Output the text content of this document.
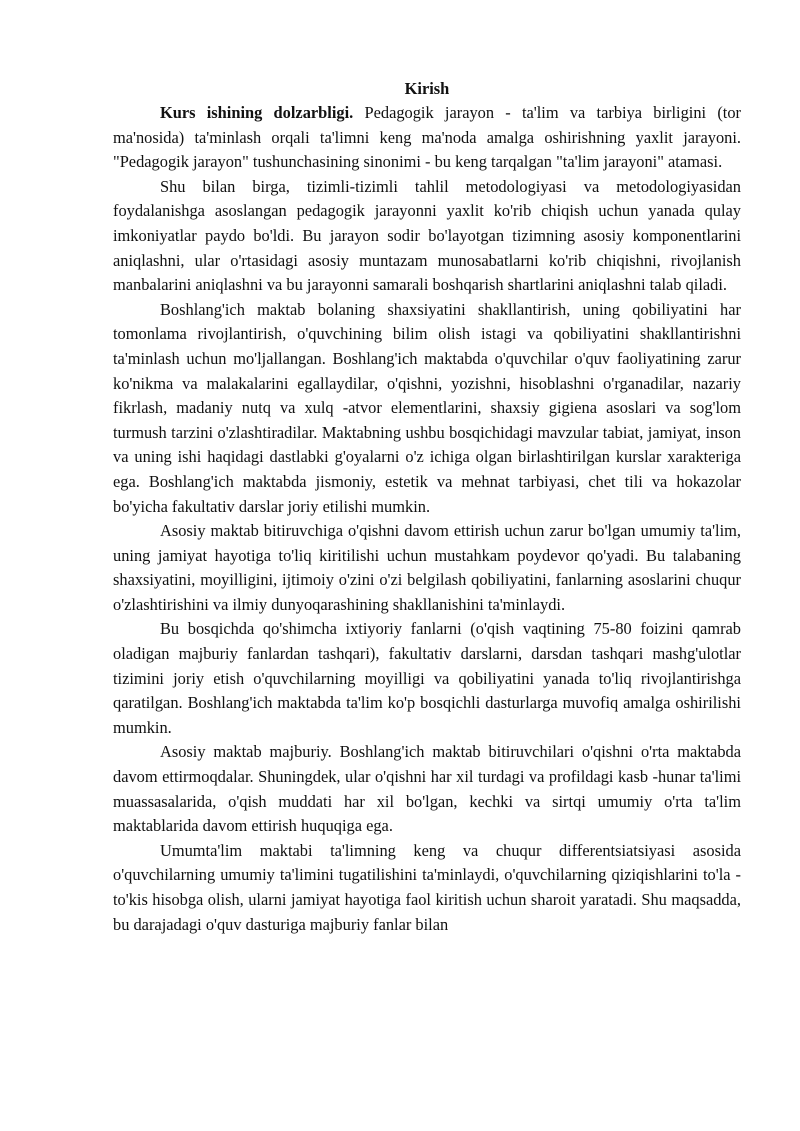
Kirish

Kurs ishining dolzarbligi. Pedagogik jarayon - ta'lim va tarbiya birligini (tor ma'nosida) ta'minlash orqali ta'limni keng ma'noda amalga oshirishning yaxlit jarayoni. "Pedagogik jarayon" tushunchasining sinonimi - bu keng tarqalgan "ta'lim jarayoni" atamasi.

Shu bilan birga, tizimli-tizimli tahlil metodologiyasi va metodologiyasidan foydalanishga asoslangan pedagogik jarayonni yaxlit ko'rib chiqish uchun yanada qulay imkoniyatlar paydo bo'ldi. Bu jarayon sodir bo'layotgan tizimning asosiy komponentlarini aniqlashni, ular o'rtasidagi asosiy muntazam munosabatlarni ko'rib chiqishni, rivojlanish manbalarini aniqlashni va bu jarayonni samarali boshqarish shartlarini aniqlashni talab qiladi.

Boshlang'ich maktab bolaning shaxsiyatini shakllantirish, uning qobiliyatini har tomonlama rivojlantirish, o'quvchining bilim olish istagi va qobiliyatini shakllantirishni ta'minlash uchun mo'ljallangan. Boshlang'ich maktabda o'quvchilar o'quv faoliyatining zarur ko'nikma va malakalarini egallaydilar, o'qishni, yozishni, hisoblashni o'rganadilar, nazariy fikrlash, madaniy nutq va xulq -atvor elementlarini, shaxsiy gigiena asoslari va sog'lom turmush tarzini o'zlashtiradilar. Maktabning ushbu bosqichidagi mavzular tabiat, jamiyat, inson va uning ishi haqidagi dastlabki g'oyalarni o'z ichiga olgan birlashtirilgan kurslar xarakteriga ega. Boshlang'ich maktabda jismoniy, estetik va mehnat tarbiyasi, chet tili va hokazolar bo'yicha fakultativ darslar joriy etilishi mumkin.

Asosiy maktab bitiruvchiga o'qishni davom ettirish uchun zarur bo'lgan umumiy ta'lim, uning jamiyat hayotiga to'liq kiritilishi uchun mustahkam poydevor qo'yadi. Bu talabaning shaxsiyatini, moyilligini, ijtimoiy o'zini o'zi belgilash qobiliyatini, fanlarning asoslarini chuqur o'zlashtirishini va ilmiy dunyoqarashining shakllanishini ta'minlaydi.

Bu bosqichda qo'shimcha ixtiyoriy fanlarni (o'qish vaqtining 75-80 foizini qamrab oladigan majburiy fanlardan tashqari), fakultativ darslarni, darsdan tashqari mashg'ulotlar tizimini joriy etish o'quvchilarning moyilligi va qobiliyatini yanada to'liq rivojlantirishga qaratilgan. Boshlang'ich maktabda ta'lim ko'p bosqichli dasturlarga muvofiq amalga oshirilishi mumkin.

Asosiy maktab majburiy. Boshlang'ich maktab bitiruvchilari o'qishni o'rta maktabda davom ettirmoqdalar. Shuningdek, ular o'qishni har xil turdagi va profildagi kasb -hunar ta'limi muassasalarida, o'qish muddati har xil bo'lgan, kechki va sirtqi umumiy o'rta ta'lim maktablarida davom ettirish huquqiga ega.

Umumta'lim maktabi ta'limning keng va chuqur differentsiatsiyasi asosida o'quvchilarning umumiy ta'limini tugatilishini ta'minlaydi, o'quvchilarning qiziqishlarini to'la -to'kis hisobga olish, ularni jamiyat hayotiga faol kiritish uchun sharoit yaratadi. Shu maqsadda, bu darajadagi o'quv dasturiga majburiy fanlar bilan
